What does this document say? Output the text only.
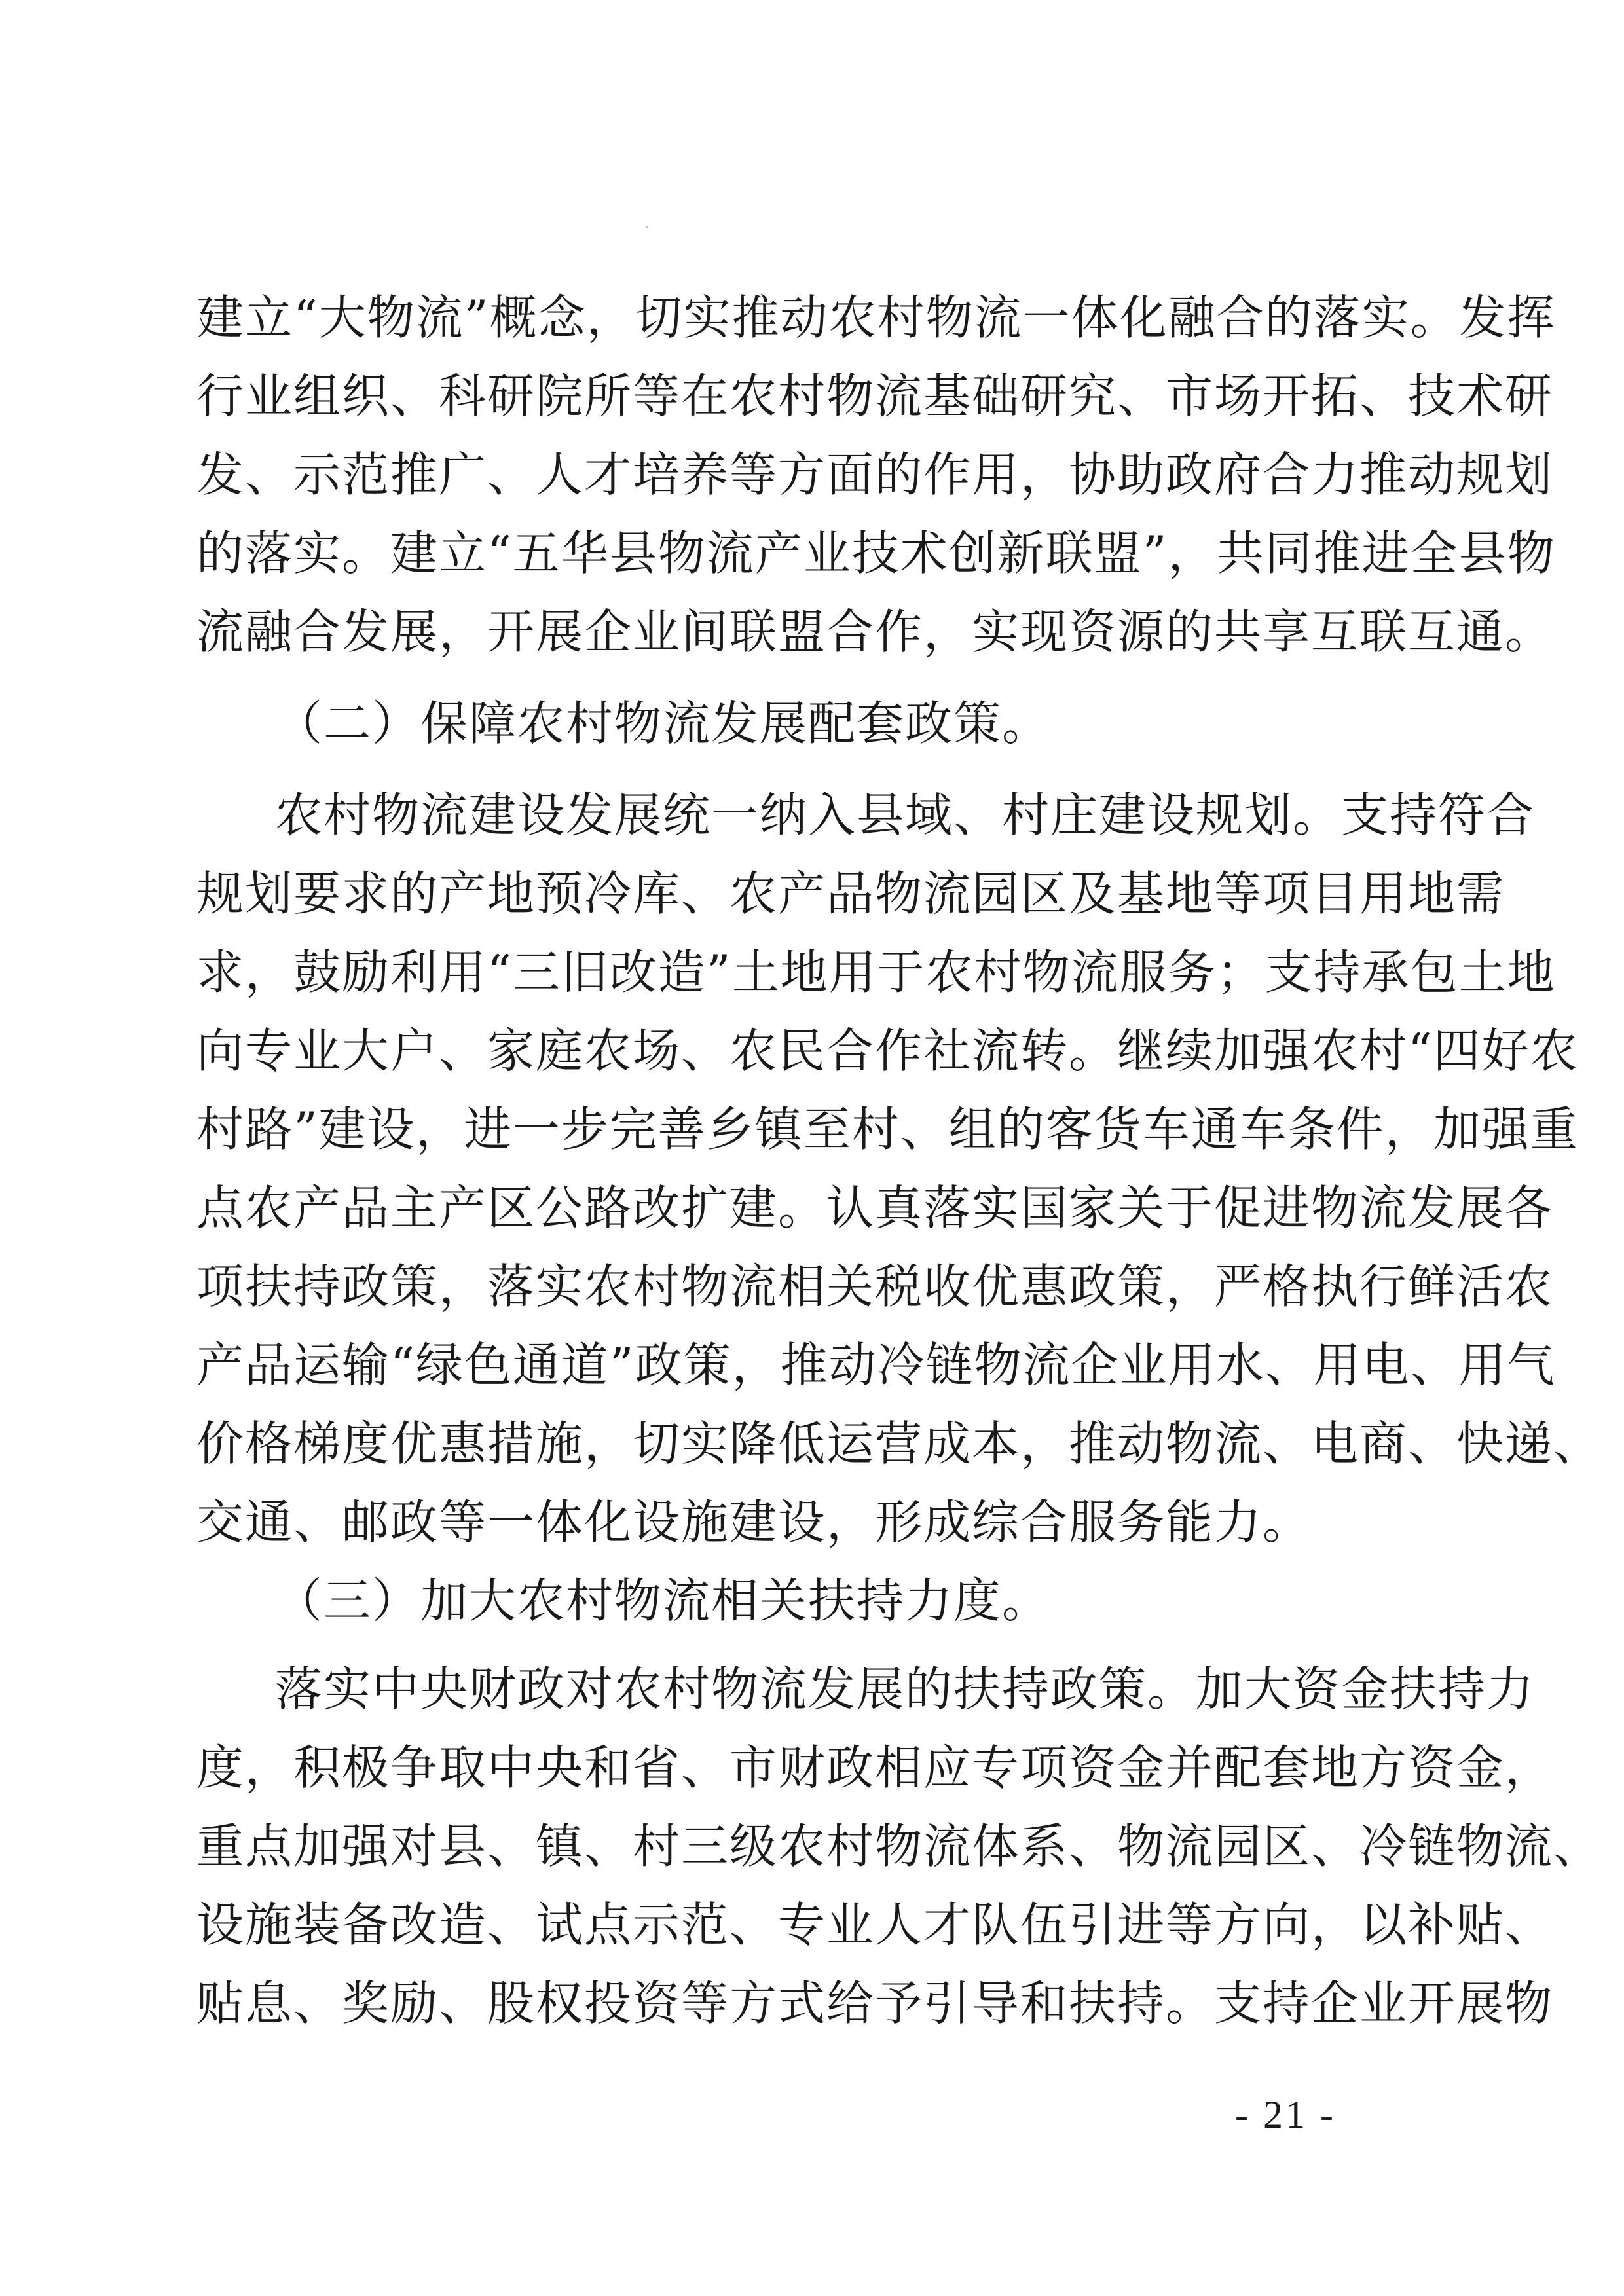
建立“大物流”概念，切实推动农村物流一体化融合的落实。发挥
行业组织、科研院所等在农村物流基础研究、市场开拓、技术研
发、示范推广、人才培养等方面的作用，协助政府合力推动规划
的落实。建立“五华县物流产业技术创新联盟”，共同推进全县物
流融合发展，开展企业间联盟合作，实现资源的共享互联互通。
（二）保障农村物流发展配套政策。
农村物流建设发展统一纳入县域、村庄建设规划。支持符合
规划要求的产地预冷库、农产品物流园区及基地等项目用地需
求，鼓励利用“三旧改造”土地用于农村物流服务；支持承包土地
向专业大户、家庭农场、农民合作社流转。继续加强农村“四好农
村路”建设，进一步完善乡镇至村、组的客货车通车条件，加强重
点农产品主产区公路改扩建。认真落实国家关于促进物流发展各
项扶持政策，落实农村物流相关税收优惠政策，严格执行鲜活农
产品运输“绿色通道”政策，推动冷链物流企业用水、用电、用气
价格梯度优惠措施，切实降低运营成本，推动物流、电商、快递、
交通、邮政等一体化设施建设，形成综合服务能力。
（三）加大农村物流相关扶持力度。
落实中央财政对农村物流发展的扶持政策。加大资金扶持力
度，积极争取中央和省、市财政相应专项资金并配套地方资金，
重点加强对县、镇、村三级农村物流体系、物流园区、冷链物流、
设施装备改造、试点示范、专业人才队伍引进等方向，以补贴、
贴息、奖励、股权投资等方式给予引导和扶持。支持企业开展物
- 21 -
